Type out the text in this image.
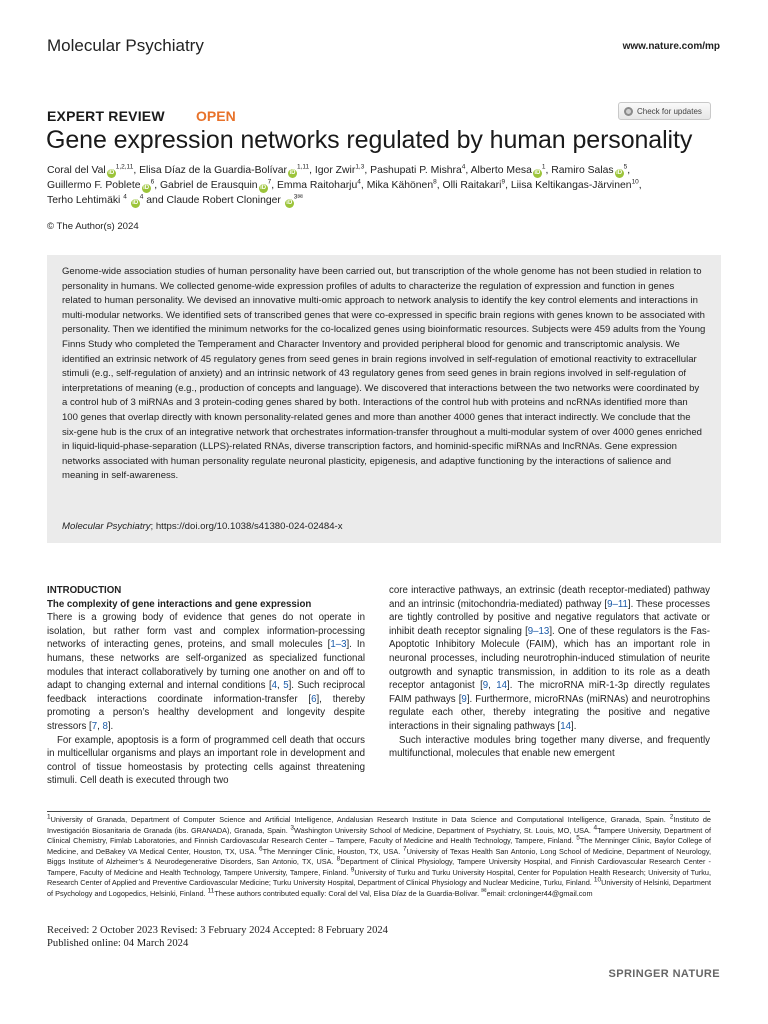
Molecular Psychiatry	www.nature.com/mp
EXPERT REVIEW OPEN	Check for updates
Gene expression networks regulated by human personality
Coral del Val iD$^{1,2,11}$, Elisa Díaz de la Guardia-Bolívar iD$^{1,11}$, Igor Zwir$^{1,3}$, Pashupati P. Mishra$^4$, Alberto Mesa $iD^1$, Ramiro Salas $iD^5$,
Guillermo F. Poblete $iD^6$, Gabriel de Erausquin $iD^7$, Emma Raitoharju$^4$, Mika Kähönen$^8$, Olli Raitakari$^9$, Liisa Keltikangas-Järvinen$^{10}$,
Terho Lehtimäki $^4$ $iD^4$ and Claude Robert Cloninger $iD^{3✉}$
© The Author(s) 2024

Genome-wide association studies of human personality have been carried out, but transcription of the whole genome has not been studied in relation to personality in humans. We collected genome-wide expression profiles of adults to characterize the regulation of expression and function in genes related to human personality. We devised an innovative multi-omic approach to network analysis to identify the key control elements and interactions in multi-modular networks. We identified sets of transcribed genes that were co-expressed in specific brain regions with genes known to be associated with personality. Then we identified the minimum networks for the co-localized genes using bioinformatic resources. Subjects were 459 adults from the Young Finns Study who completed the Temperament and Character Inventory and provided peripheral blood for genomic and transcriptomic analysis. We identified an extrinsic network of 45 regulatory genes from seed genes in brain regions involved in self-regulation of emotional reactivity to extracellular stimuli (e.g., self-regulation of anxiety) and an intrinsic network of 43 regulatory genes from seed genes in brain regions involved in self-regulation of interpretations of meaning (e.g., production of concepts and language). We discovered that interactions between the two networks were coordinated by a control hub of 3 miRNAs and 3 protein-coding genes shared by both. Interactions of the control hub with proteins and ncRNAs identified more than 100 genes that overlap directly with known personality-related genes and more than another 4000 genes that interact indirectly. We conclude that the six-gene hub is the crux of an integrative network that orchestrates information-transfer throughout a multi-modular system of over 4000 genes enriched in liquid-liquid-phase-separation (LLPS)-related RNAs, diverse transcription factors, and hominid-specific miRNAs and lncRNAs. Gene expression networks associated with human personality regulate neuronal plasticity, epigenesis, and adaptive functioning by the interactions of salience and meaning in self-awareness.

Molecular Psychiatry; https://doi.org/10.1038/s41380-024-02484-x
INTRODUCTION
The complexity of gene interactions and gene expression

There is a growing body of evidence that genes do not operate in isolation, but rather form vast and complex information-processing networks of interacting genes, proteins, and small molecules [1–3]. In humans, these networks are self-organized as specialized functional modules that interact collaboratively by turning one another on and off to adapt to changing external and internal conditions [4, 5]. Such reciprocal feedback interactions coordinate information-transfer [6], thereby promoting a person’s healthy development and longevity despite stressors [7, 8].

For example, apoptosis is a form of programmed cell death that occurs in multicellular organisms and plays an important role in development and control of tissue homeostasis by protecting cells against threatening stimuli. Cell death is executed through two

core interactive pathways, an extrinsic (death receptor-mediated) pathway and an intrinsic (mitochondria-mediated) pathway [9–11]. These processes are tightly controlled by positive and negative regulators that activate or inhibit death receptor signaling [9–13]. One of these regulators is the Fas-Apoptotic Inhibitory Molecule (FAIM), which has an important role in neuronal processes, including neurotrophin-induced stimulation of neurite outgrowth and synaptic transmission, in addition to its role as a death receptor antagonist [9, 14]. The microRNA miR-1-3p directly regulates FAIM pathways [9]. Furthermore, microRNAs (miRNAs) and neurotrophins regulate each other, thereby integrating the positive and negative interactions in their signaling pathways [14].

Such interactive modules bring together many diverse, and frequently multifunctional, molecules that enable new emergent

$^1$University of Granada, Department of Computer Science and Artificial Intelligence, Andalusian Research Institute in Data Science and Computational Intelligence, Granada, Spain. $^2$Instituto de Investigación Biosanitaria de Granada (ibs. GRANADA), Granada, Spain. $^3$Washington University School of Medicine, Department of Psychiatry, St. Louis, MO, USA. $^4$Tampere University, Department of Clinical Chemistry, Fimlab Laboratories, and Finnish Cardiovascular Research Center – Tampere, Faculty of Medicine and Health Technology, Tampere, Finland. $^5$The Menninger Clinic, Baylor College of Medicine, and DeBakey VA Medical Center, Houston, TX, USA. $^6$The Menninger Clinic, Houston, TX, USA. $^7$University of Texas Health San Antonio, Long School of Medicine, Department of Neurology, Biggs Institute of Alzheimer’s & Neurodegenerative Disorders, San Antonio, TX, USA. $^8$Department of Clinical Physiology, Tampere University Hospital, and Finnish Cardiovascular Research Center - Tampere, Faculty of Medicine and Health Technology, Tampere University, Tampere, Finland. $^9$University of Turku and Turku University Hospital, Center for Population Health Research; University of Turku, Research Center of Applied and Preventive Cardiovascular Medicine; Turku University Hospital, Department of Clinical Physiology and Nuclear Medicine, Turku, Finland. $^{10}$University of Helsinki, Department of Psychology and Logopedics, Helsinki, Finland. $^{11}$These authors contributed equally: Coral del Val, Elisa Díaz de la Guardia-Bolívar. ✉email: crcloninger44@gmail.com
Received: 2 October 2023 Revised: 3 February 2024 Accepted: 8 February 2024
Published online: 04 March 2024
SPRINGER NATURE
